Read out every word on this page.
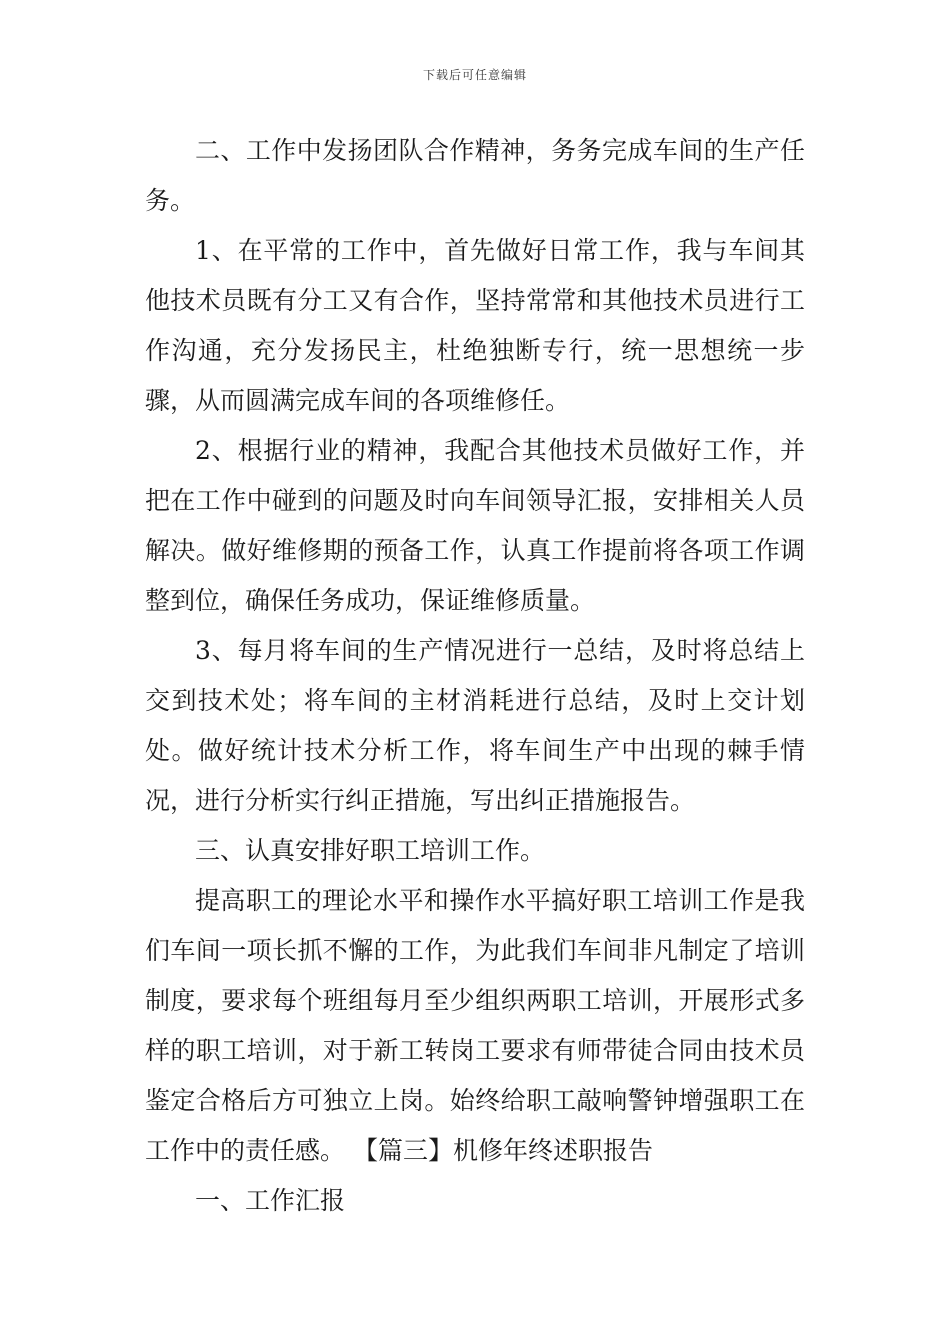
下载后可任意编辑

二、工作中发扬团队合作精神，务务完成车间的生产任务。

1、在平常的工作中，首先做好日常工作，我与车间其他技术员既有分工又有合作，坚持常常和其他技术员进行工作沟通，充分发扬民主，杜绝独断专行，统一思想统一步骤，从而圆满完成车间的各项维修任。

2、根据行业的精神，我配合其他技术员做好工作，并把在工作中碰到的问题及时向车间领导汇报，安排相关人员解决。做好维修期的预备工作，认真工作提前将各项工作调整到位，确保任务成功，保证维修质量。

3、每月将车间的生产情况进行一总结，及时将总结上交到技术处；将车间的主材消耗进行总结，及时上交计划处。做好统计技术分析工作，将车间生产中出现的棘手情况，进行分析实行纠正措施，写出纠正措施报告。

三、认真安排好职工培训工作。

提高职工的理论水平和操作水平搞好职工培训工作是我们车间一项长抓不懈的工作，为此我们车间非凡制定了培训制度，要求每个班组每月至少组织两职工培训，开展形式多样的职工培训，对于新工转岗工要求有师带徒合同由技术员鉴定合格后方可独立上岗。始终给职工敲响警钟增强职工在工作中的责任感。 【篇三】机修年终述职报告

一、工作汇报
